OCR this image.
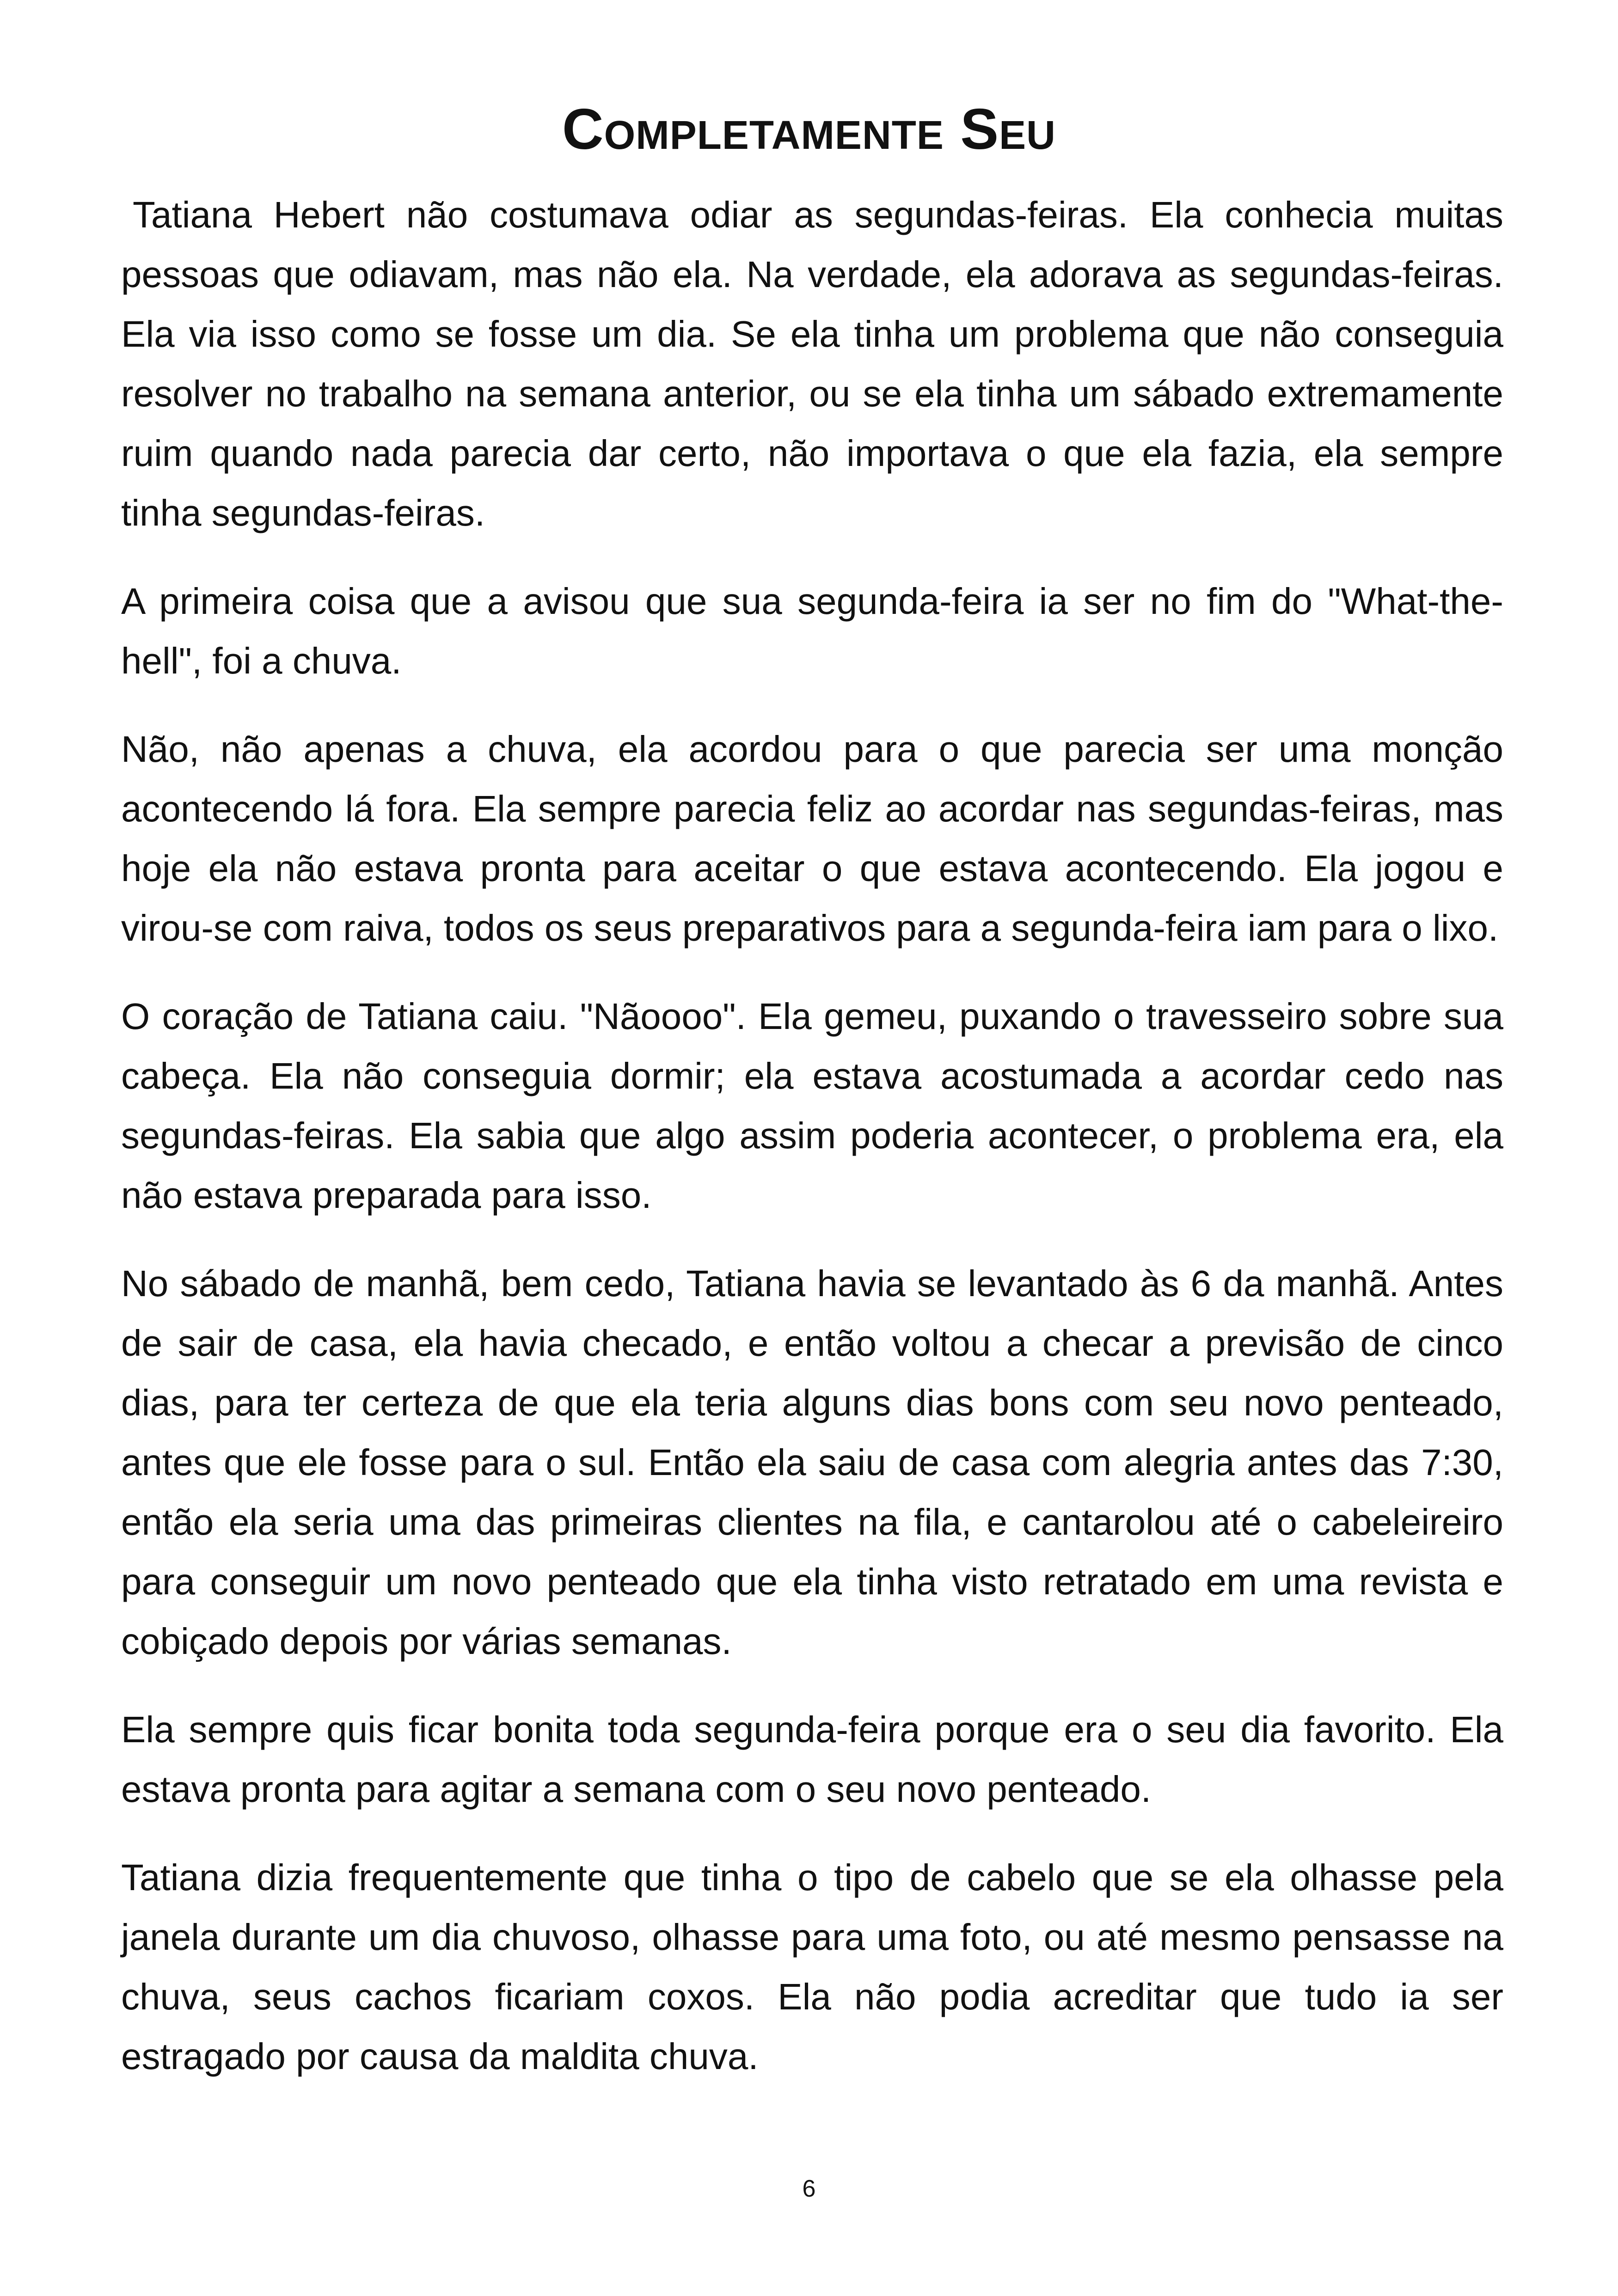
Completamente Seu

Tatiana Hebert não costumava odiar as segundas-feiras. Ela conhecia muitas pessoas que odiavam, mas não ela. Na verdade, ela adorava as segundas-feiras. Ela via isso como se fosse um dia. Se ela tinha um problema que não conseguia resolver no trabalho na semana anterior, ou se ela tinha um sábado extremamente ruim quando nada parecia dar certo, não importava o que ela fazia, ela sempre tinha segundas-feiras.

A primeira coisa que a avisou que sua segunda-feira ia ser no fim do "What-the-hell", foi a chuva.

Não, não apenas a chuva, ela acordou para o que parecia ser uma monção acontecendo lá fora. Ela sempre parecia feliz ao acordar nas segundas-feiras, mas hoje ela não estava pronta para aceitar o que estava acontecendo. Ela jogou e virou-se com raiva, todos os seus preparativos para a segunda-feira iam para o lixo.

O coração de Tatiana caiu. "Nãoooo". Ela gemeu, puxando o travesseiro sobre sua cabeça. Ela não conseguia dormir; ela estava acostumada a acordar cedo nas segundas-feiras. Ela sabia que algo assim poderia acontecer, o problema era, ela não estava preparada para isso.

No sábado de manhã, bem cedo, Tatiana havia se levantado às 6 da manhã. Antes de sair de casa, ela havia checado, e então voltou a checar a previsão de cinco dias, para ter certeza de que ela teria alguns dias bons com seu novo penteado, antes que ele fosse para o sul. Então ela saiu de casa com alegria antes das 7:30, então ela seria uma das primeiras clientes na fila, e cantarolou até o cabeleireiro para conseguir um novo penteado que ela tinha visto retratado em uma revista e cobiçado depois por várias semanas.

Ela sempre quis ficar bonita toda segunda-feira porque era o seu dia favorito. Ela estava pronta para agitar a semana com o seu novo penteado.

Tatiana dizia frequentemente que tinha o tipo de cabelo que se ela olhasse pela janela durante um dia chuvoso, olhasse para uma foto, ou até mesmo pensasse na chuva, seus cachos ficariam coxos. Ela não podia acreditar que tudo ia ser estragado por causa da maldita chuva.

6
